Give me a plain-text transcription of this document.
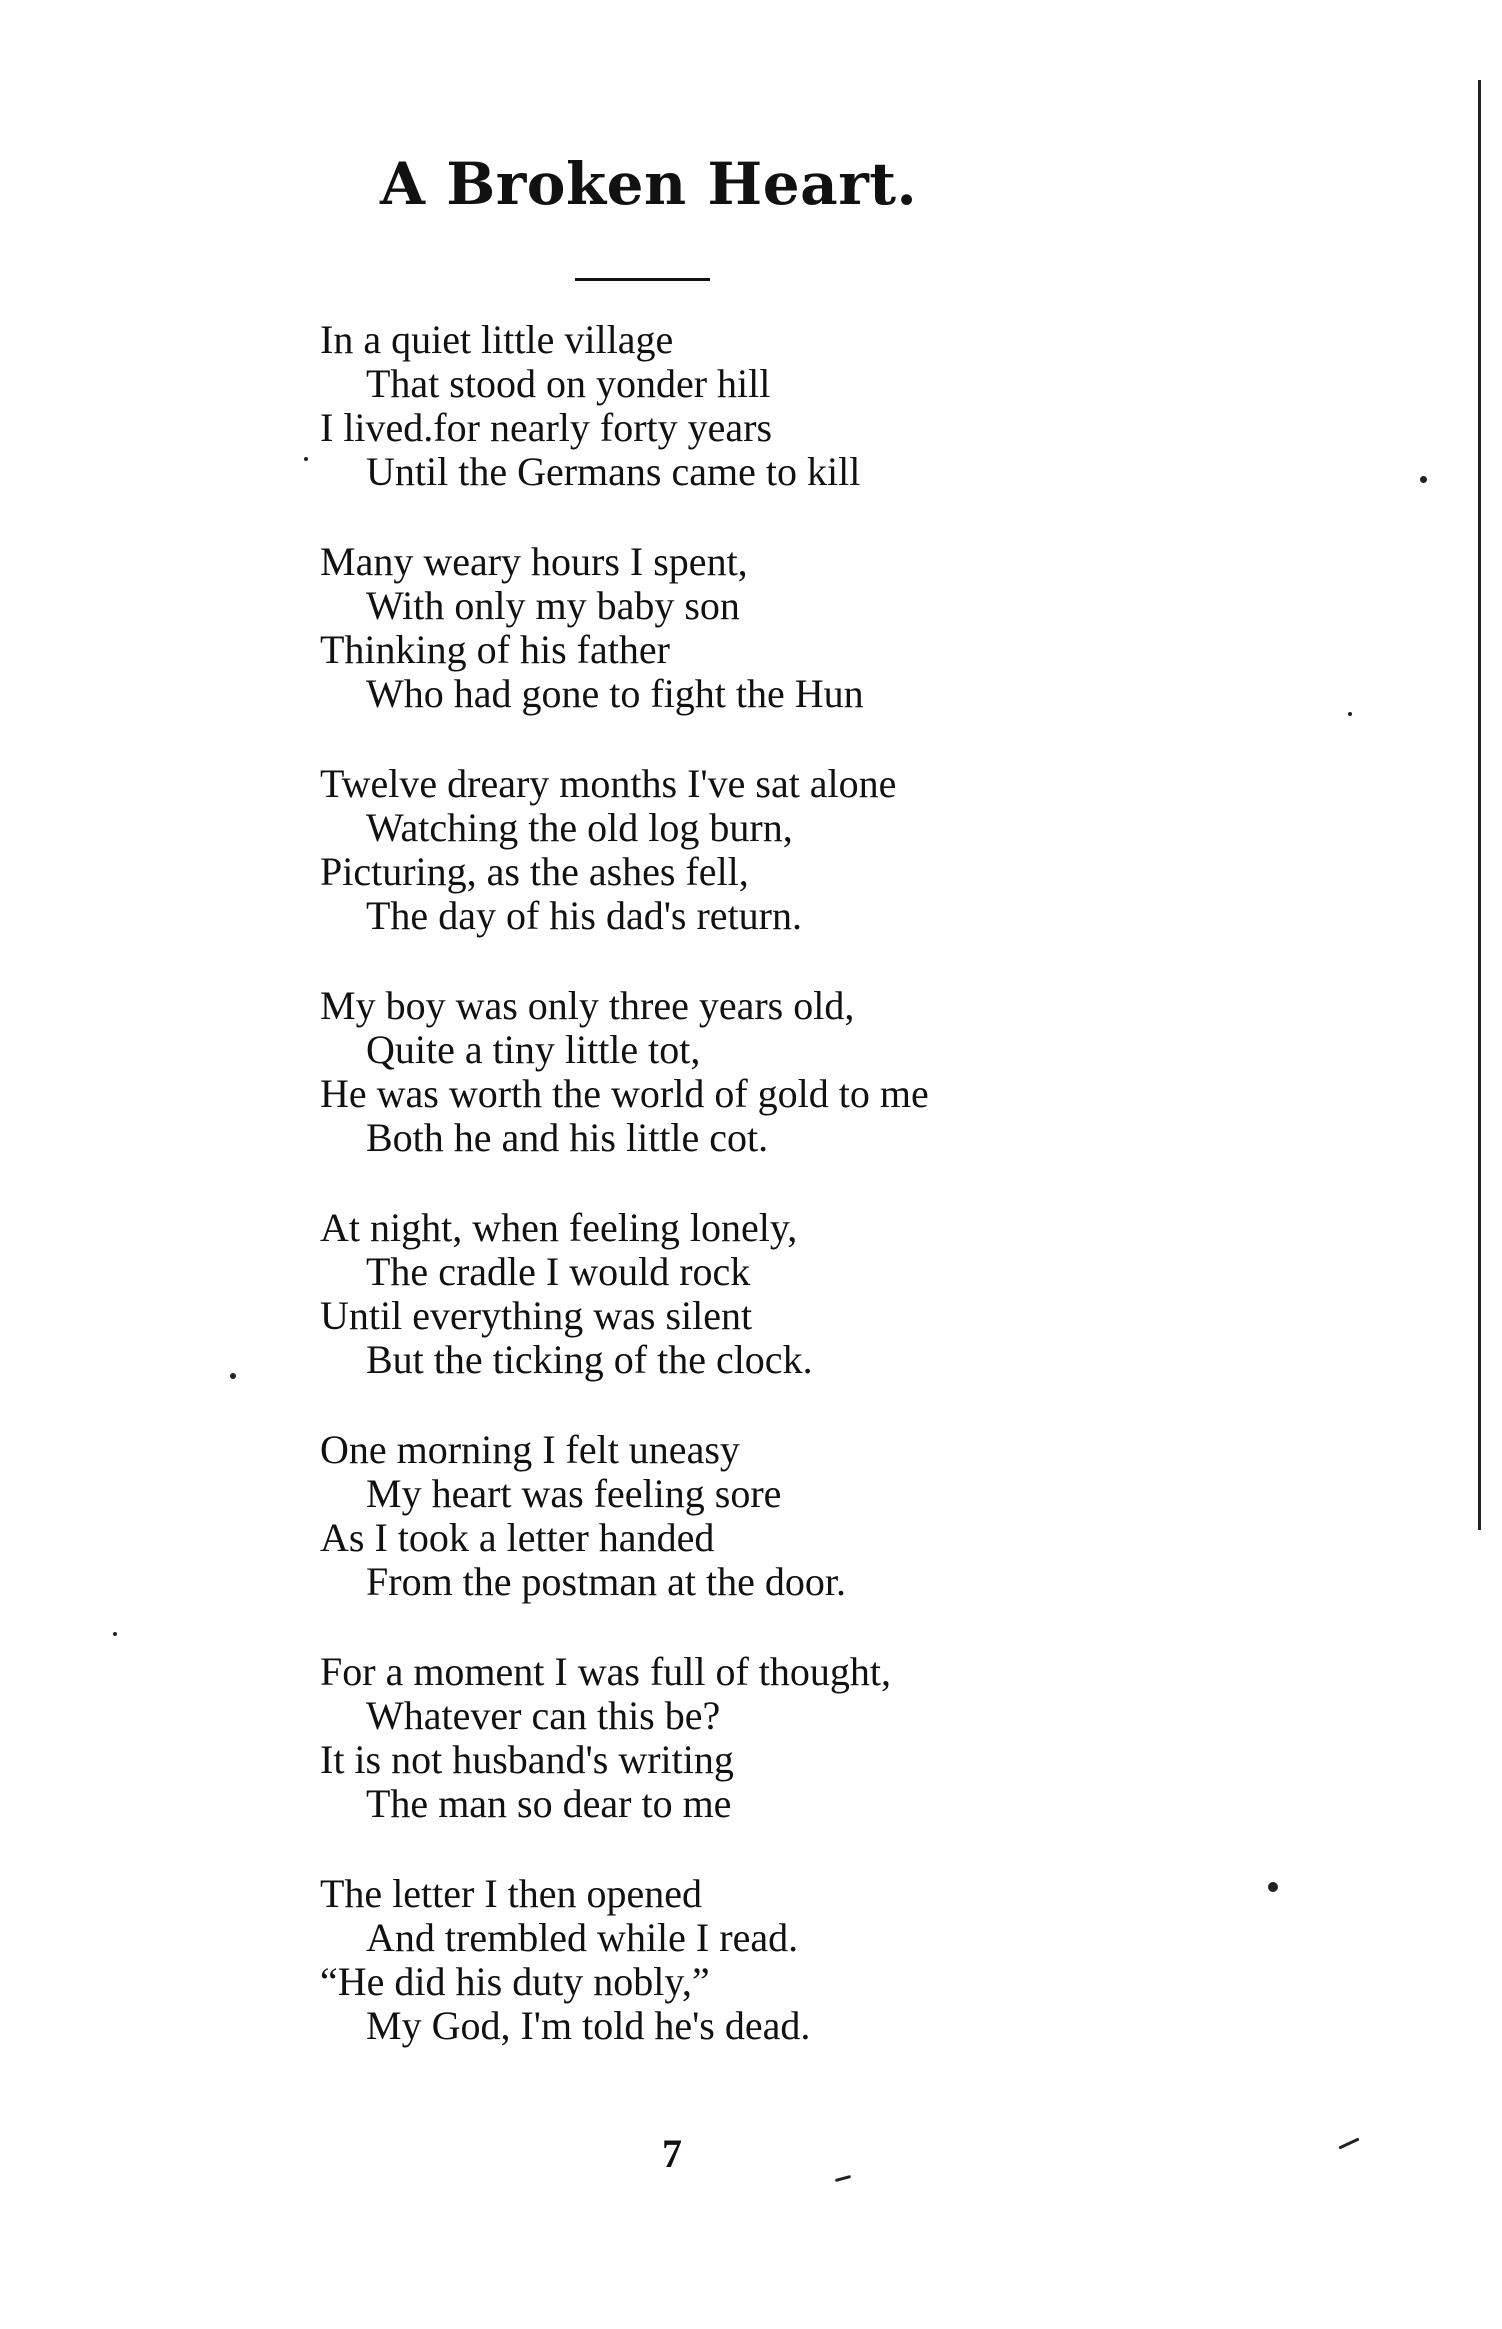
A Broken Heart.
In a quiet little village
That stood on yonder hill
I lived.for nearly forty years
Until the Germans came to kill
Many weary hours I spent,
With only my baby son
Thinking of his father
Who had gone to fight the Hun
Twelve dreary months I've sat alone
Watching the old log burn,
Picturing, as the ashes fell,
The day of his dad's return.
My boy was only three years old,
Quite a tiny little tot,
He was worth the world of gold to me
Both he and his little cot.
At night, when feeling lonely,
The cradle I would rock
Until everything was silent
But the ticking of the clock.
One morning I felt uneasy
My heart was feeling sore
As I took a letter handed
From the postman at the door.
For a moment I was full of thought,
Whatever can this be?
It is not husband's writing
The man so dear to me
The letter I then opened
And trembled while I read.
“He did his duty nobly,”
My God, I'm told he's dead.
7
